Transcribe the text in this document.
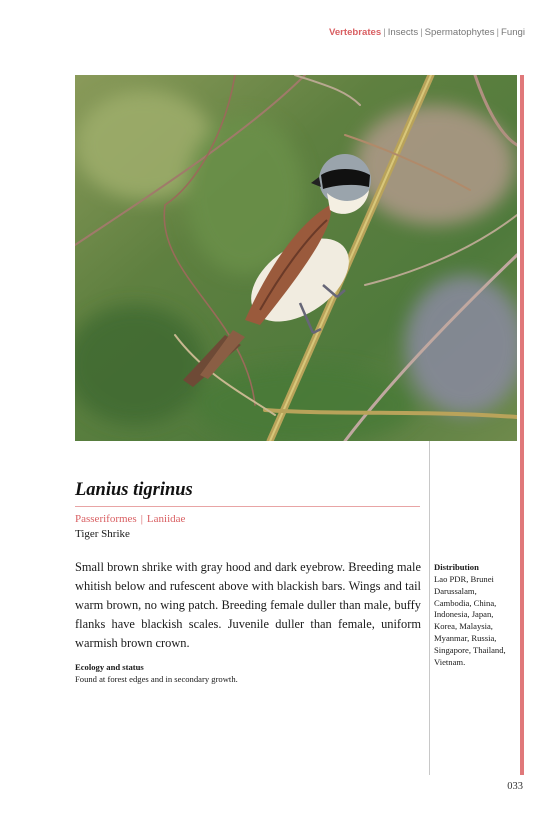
Vertebrates | Insects | Spermatophytes | Fungi
Lanius tigrinus
Passeriformes | Laniidae
Tiger Shrike
Small brown shrike with gray hood and dark eyebrow. Breeding male whitish below and rufescent above with blackish bars. Wings and tail warm brown, no wing patch. Breeding female duller than male, buffy flanks have blackish scales. Juvenile duller than female, uniform warmish brown crown.
Ecology and status
Found at forest edges and in secondary growth.
Distribution
Lao PDR, Brunei Darussalam, Cambodia, China, Indonesia, Japan, Korea, Malaysia, Myanmar, Russia, Singapore, Thailand, Vietnam.
033
